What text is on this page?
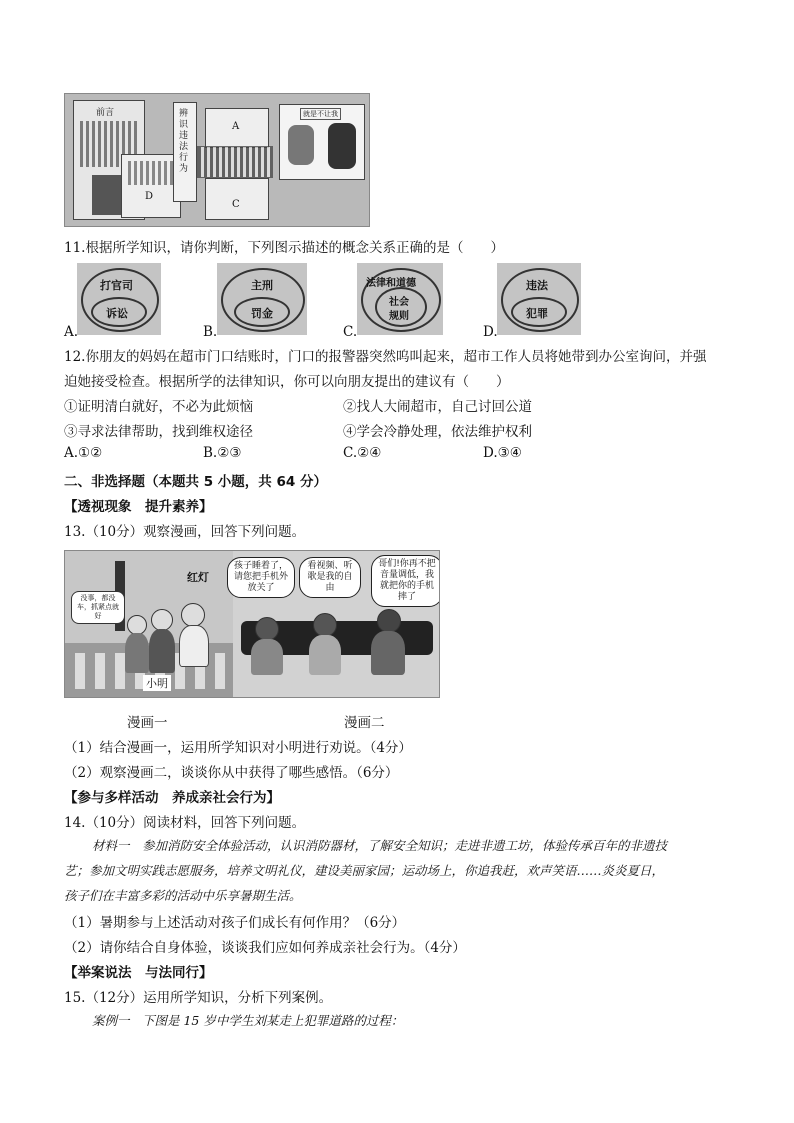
前言
D
辨识违法行为
A
C
就是不让我
11.根据所学知识，请你判断，下列图示描述的概念关系正确的是（　　）
打官司
诉讼
A.
主刑
罚金
B.
法律和道德
社会
规则
C.
违法
犯罪
D.
12.你朋友的妈妈在超市门口结账时，门口的报警器突然呜叫起来，超市工作人员将她带到办公室询问，并强
迫她接受检查。根据所学的法律知识，你可以向朋友提出的建议有（　　）
①证明清白就好，不必为此烦恼	②找人大闹超市，自己讨回公道
③寻求法律帮助，找到维权途径	④学会冷静处理，依法维护权利
A.①②	B.②③	C.②④	D.③④
二、非选择题（本题共 5 小题，共 64 分）
【透视现象　提升素养】
13.（10分）观察漫画，回答下列问题。
没事，都没车，抓紧点就好
红灯
小明
孩子睡着了，请您把手机外放关了
看视频、听歌是我的自由
哥们!你再不把音量调低，我就把你的手机摔了
漫画一	漫画二
（1）结合漫画一，运用所学知识对小明进行劝说。（4分）
（2）观察漫画二，谈谈你从中获得了哪些感悟。（6分）
【参与多样活动　养成亲社会行为】
14.（10分）阅读材料，回答下列问题。
材料一　参加消防安全体验活动，认识消防器材，了解安全知识；走进非遗工坊，体验传承百年的非遗技
艺；参加文明实践志愿服务，培养文明礼仪，建设美丽家园；运动场上，你追我赶，欢声笑语……炎炎夏日，
孩子们在丰富多彩的活动中乐享暑期生活。
（1）暑期参与上述活动对孩子们成长有何作用？（6分）
（2）请你结合自身体验，谈谈我们应如何养成亲社会行为。（4分）
【举案说法　与法同行】
15.（12分）运用所学知识，分析下列案例。
案例一　下图是 15 岁中学生刘某走上犯罪道路的过程：
